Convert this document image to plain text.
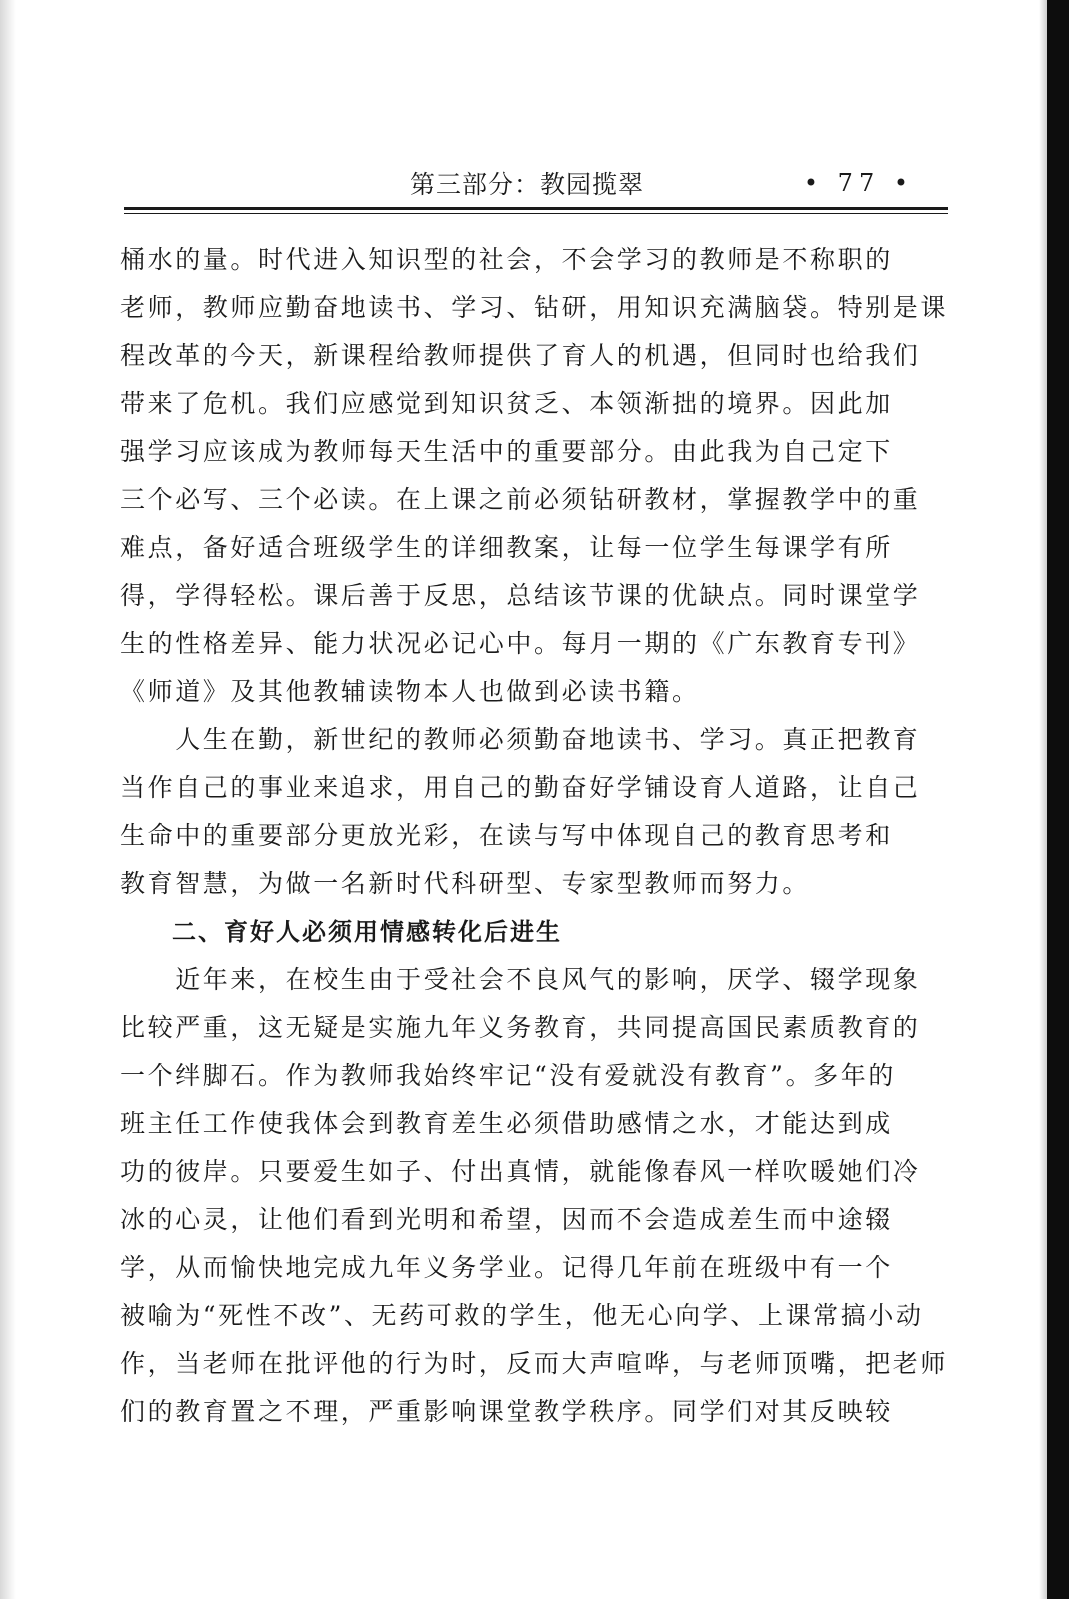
第三部分：教园揽翠	• 77 •
桶水的量。时代进入知识型的社会，不会学习的教师是不称职的
老师，教师应勤奋地读书、学习、钻研，用知识充满脑袋。特别是课
程改革的今天，新课程给教师提供了育人的机遇，但同时也给我们
带来了危机。我们应感觉到知识贫乏、本领渐拙的境界。因此加
强学习应该成为教师每天生活中的重要部分。由此我为自己定下
三个必写、三个必读。在上课之前必须钻研教材，掌握教学中的重
难点，备好适合班级学生的详细教案，让每一位学生每课学有所
得，学得轻松。课后善于反思，总结该节课的优缺点。同时课堂学
生的性格差异、能力状况必记心中。每月一期的《广东教育专刊》
《师道》及其他教辅读物本人也做到必读书籍。
　　人生在勤，新世纪的教师必须勤奋地读书、学习。真正把教育
当作自己的事业来追求，用自己的勤奋好学铺设育人道路，让自己
生命中的重要部分更放光彩，在读与写中体现自己的教育思考和
教育智慧，为做一名新时代科研型、专家型教师而努力。
　　二、育好人必须用情感转化后进生
　　近年来，在校生由于受社会不良风气的影响，厌学、辍学现象
比较严重，这无疑是实施九年义务教育，共同提高国民素质教育的
一个绊脚石。作为教师我始终牢记“没有爱就没有教育”。多年的
班主任工作使我体会到教育差生必须借助感情之水，才能达到成
功的彼岸。只要爱生如子、付出真情，就能像春风一样吹暖她们冷
冰的心灵，让他们看到光明和希望，因而不会造成差生而中途辍
学，从而愉快地完成九年义务学业。记得几年前在班级中有一个
被喻为“死性不改”、无药可救的学生，他无心向学、上课常搞小动
作，当老师在批评他的行为时，反而大声喧哗，与老师顶嘴，把老师
们的教育置之不理，严重影响课堂教学秩序。同学们对其反映较
